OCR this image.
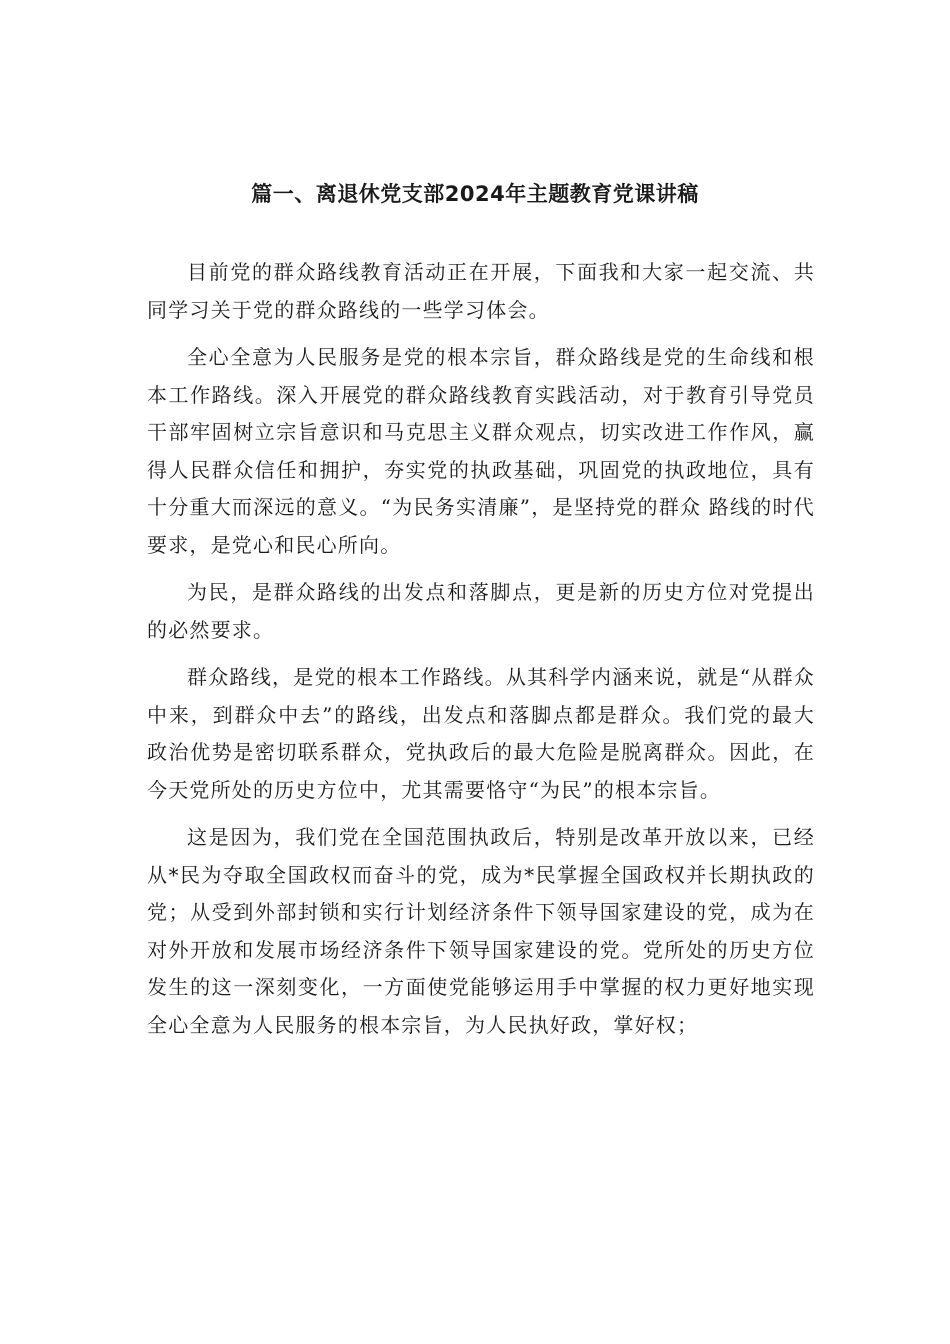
篇一、离退休党支部2024年主题教育党课讲稿

目前党的群众路线教育活动正在开展，下面我和大家一起交流、共同学习关于党的群众路线的一些学习体会。

全心全意为人民服务是党的根本宗旨，群众路线是党的生命线和根本工作路线。深入开展党的群众路线教育实践活动，对于教育引导党员干部牢固树立宗旨意识和马克思主义群众观点，切实改进工作作风，赢得人民群众信任和拥护，夯实党的执政基础，巩固党的执政地位，具有十分重大而深远的意义。“为民务实清廉”，是坚持党的群众 路线的时代要求，是党心和民心所向。

为民，是群众路线的出发点和落脚点，更是新的历史方位对党提出的必然要求。

群众路线，是党的根本工作路线。从其科学内涵来说，就是“从群众中来，到群众中去”的路线，出发点和落脚点都是群众。我们党的最大政治优势是密切联系群众，党执政后的最大危险是脱离群众。因此，在今天党所处的历史方位中，尤其需要恪守“为民”的根本宗旨。

这是因为，我们党在全国范围执政后，特别是改革开放以来，已经从*民为夺取全国政权而奋斗的党，成为*民掌握全国政权并长期执政的党；从受到外部封锁和实行计划经济条件下领导国家建设的党，成为在对外开放和发展市场经济条件下领导国家建设的党。党所处的历史方位发生的这一深刻变化，一方面使党能够运用手中掌握的权力更好地实现全心全意为人民服务的根本宗旨，为人民执好政，掌好权；
